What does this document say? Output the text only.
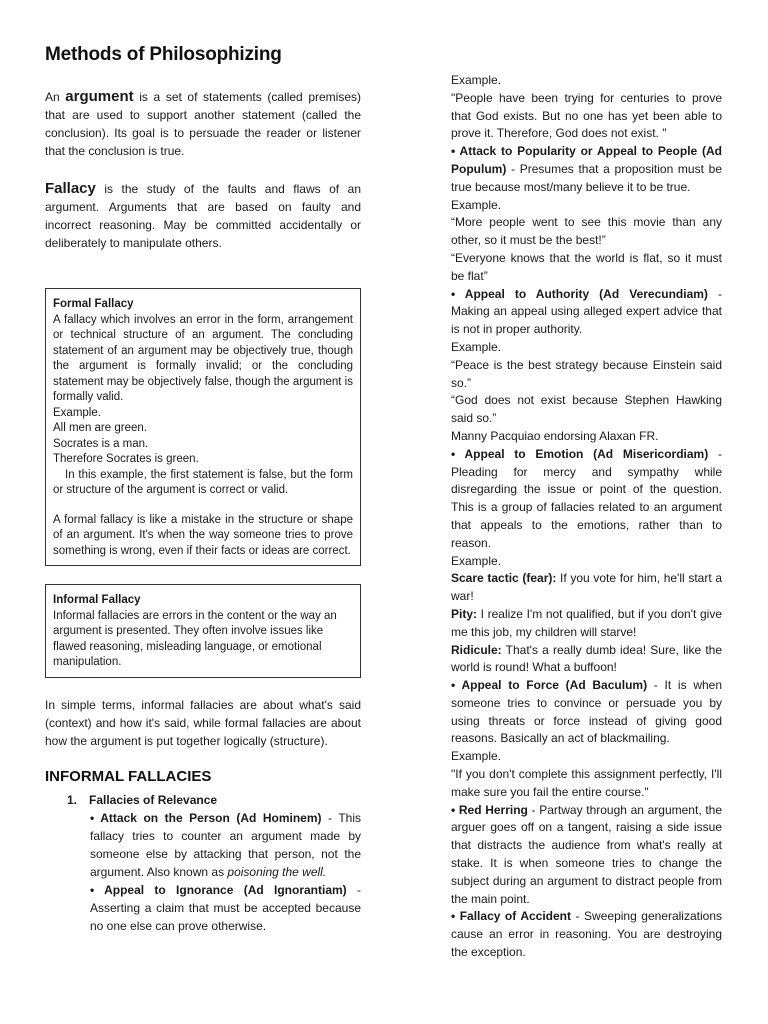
Methods of Philosophizing

An argument is a set of statements (called premises) that are used to support another statement (called the conclusion). Its goal is to persuade the reader or listener that the conclusion is true.

Fallacy is the study of the faults and flaws of an argument. Arguments that are based on faulty and incorrect reasoning. May be committed accidentally or deliberately to manipulate others.

Formal Fallacy
A fallacy which involves an error in the form, arrangement or technical structure of an argument. The concluding statement of an argument may be objectively true, though the argument is formally invalid; or the concluding statement may be objectively false, though the argument is formally valid.
Example.
All men are green.
Socrates is a man.
Therefore Socrates is green.
In this example, the first statement is false, but the form or structure of the argument is correct or valid.
A formal fallacy is like a mistake in the structure or shape of an argument. It's when the way someone tries to prove something is wrong, even if their facts or ideas are correct.
Informal Fallacy
Informal fallacies are errors in the content or the way an argument is presented. They often involve issues like flawed reasoning, misleading language, or emotional manipulation.

In simple terms, informal fallacies are about what's said (context) and how it's said, while formal fallacies are about how the argument is put together logically (structure).

INFORMAL FALLACIES
1. Fallacies of Relevance
• Attack on the Person (Ad Hominem) - This fallacy tries to counter an argument made by someone else by attacking that person, not the argument. Also known as poisoning the well.
• Appeal to Ignorance (Ad Ignorantiam) - Asserting a claim that must be accepted because no one else can prove otherwise.

Example.

"People have been trying for centuries to prove that God exists. But no one has yet been able to prove it. Therefore, God does not exist. "

• Attack to Popularity or Appeal to People (Ad Populum) - Presumes that a proposition must be true because most/many believe it to be true.

Example.

“More people went to see this movie than any other, so it must be the best!”

“Everyone knows that the world is flat, so it must be flat”

• Appeal to Authority (Ad Verecundiam) - Making an appeal using alleged expert advice that is not in proper authority.

Example.

“Peace is the best strategy because Einstein said so.”

“God does not exist because Stephen Hawking said so.”

Manny Pacquiao endorsing Alaxan FR.

• Appeal to Emotion (Ad Misericordiam) - Pleading for mercy and sympathy while disregarding the issue or point of the question. This is a group of fallacies related to an argument that appeals to the emotions, rather than to reason.

Example.

Scare tactic (fear): If you vote for him, he'll start a war!

Pity: I realize I'm not qualified, but if you don't give me this job, my children will starve!

Ridicule: That's a really dumb idea! Sure, like the world is round! What a buffoon!

• Appeal to Force (Ad Baculum) - It is when someone tries to convince or persuade you by using threats or force instead of giving good reasons. Basically an act of blackmailing.

Example.

"If you don't complete this assignment perfectly, I'll make sure you fail the entire course."

• Red Herring - Partway through an argument, the arguer goes off on a tangent, raising a side issue that distracts the audience from what's really at stake. It is when someone tries to change the subject during an argument to distract people from the main point.

• Fallacy of Accident - Sweeping generalizations cause an error in reasoning. You are destroying the exception.
